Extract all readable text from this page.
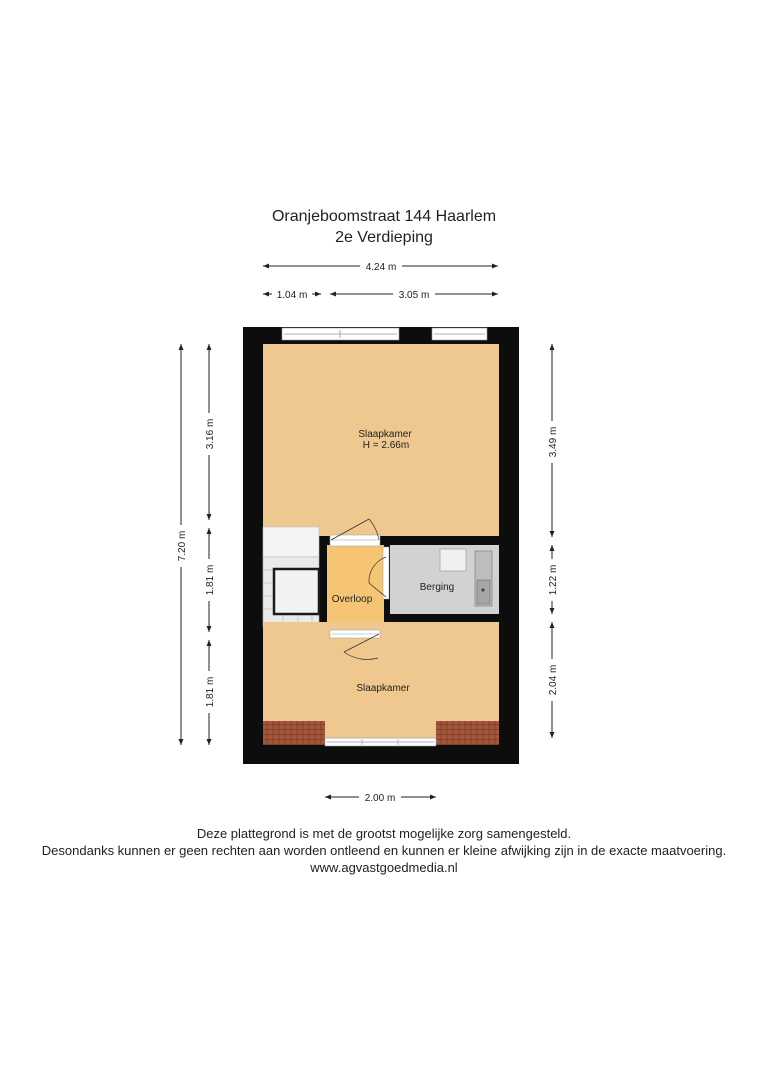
Oranjeboomstraat 144 Haarlem
2e Verdieping
4.24 m
1.04 m	3.05 m
2.00 m
7.20 m
3.16 m
1.81 m
1.81 m
3.49 m
1.22 m
2.04 m
Slaapkamer
H = 2.66m
Overloop
Berging
Slaapkamer
Deze plattegrond is met de grootst mogelijke zorg samengesteld.
Desondanks kunnen er geen rechten aan worden ontleend en kunnen er kleine afwijking zijn in de exacte maatvoering.
www.agvastgoedmedia.nl
